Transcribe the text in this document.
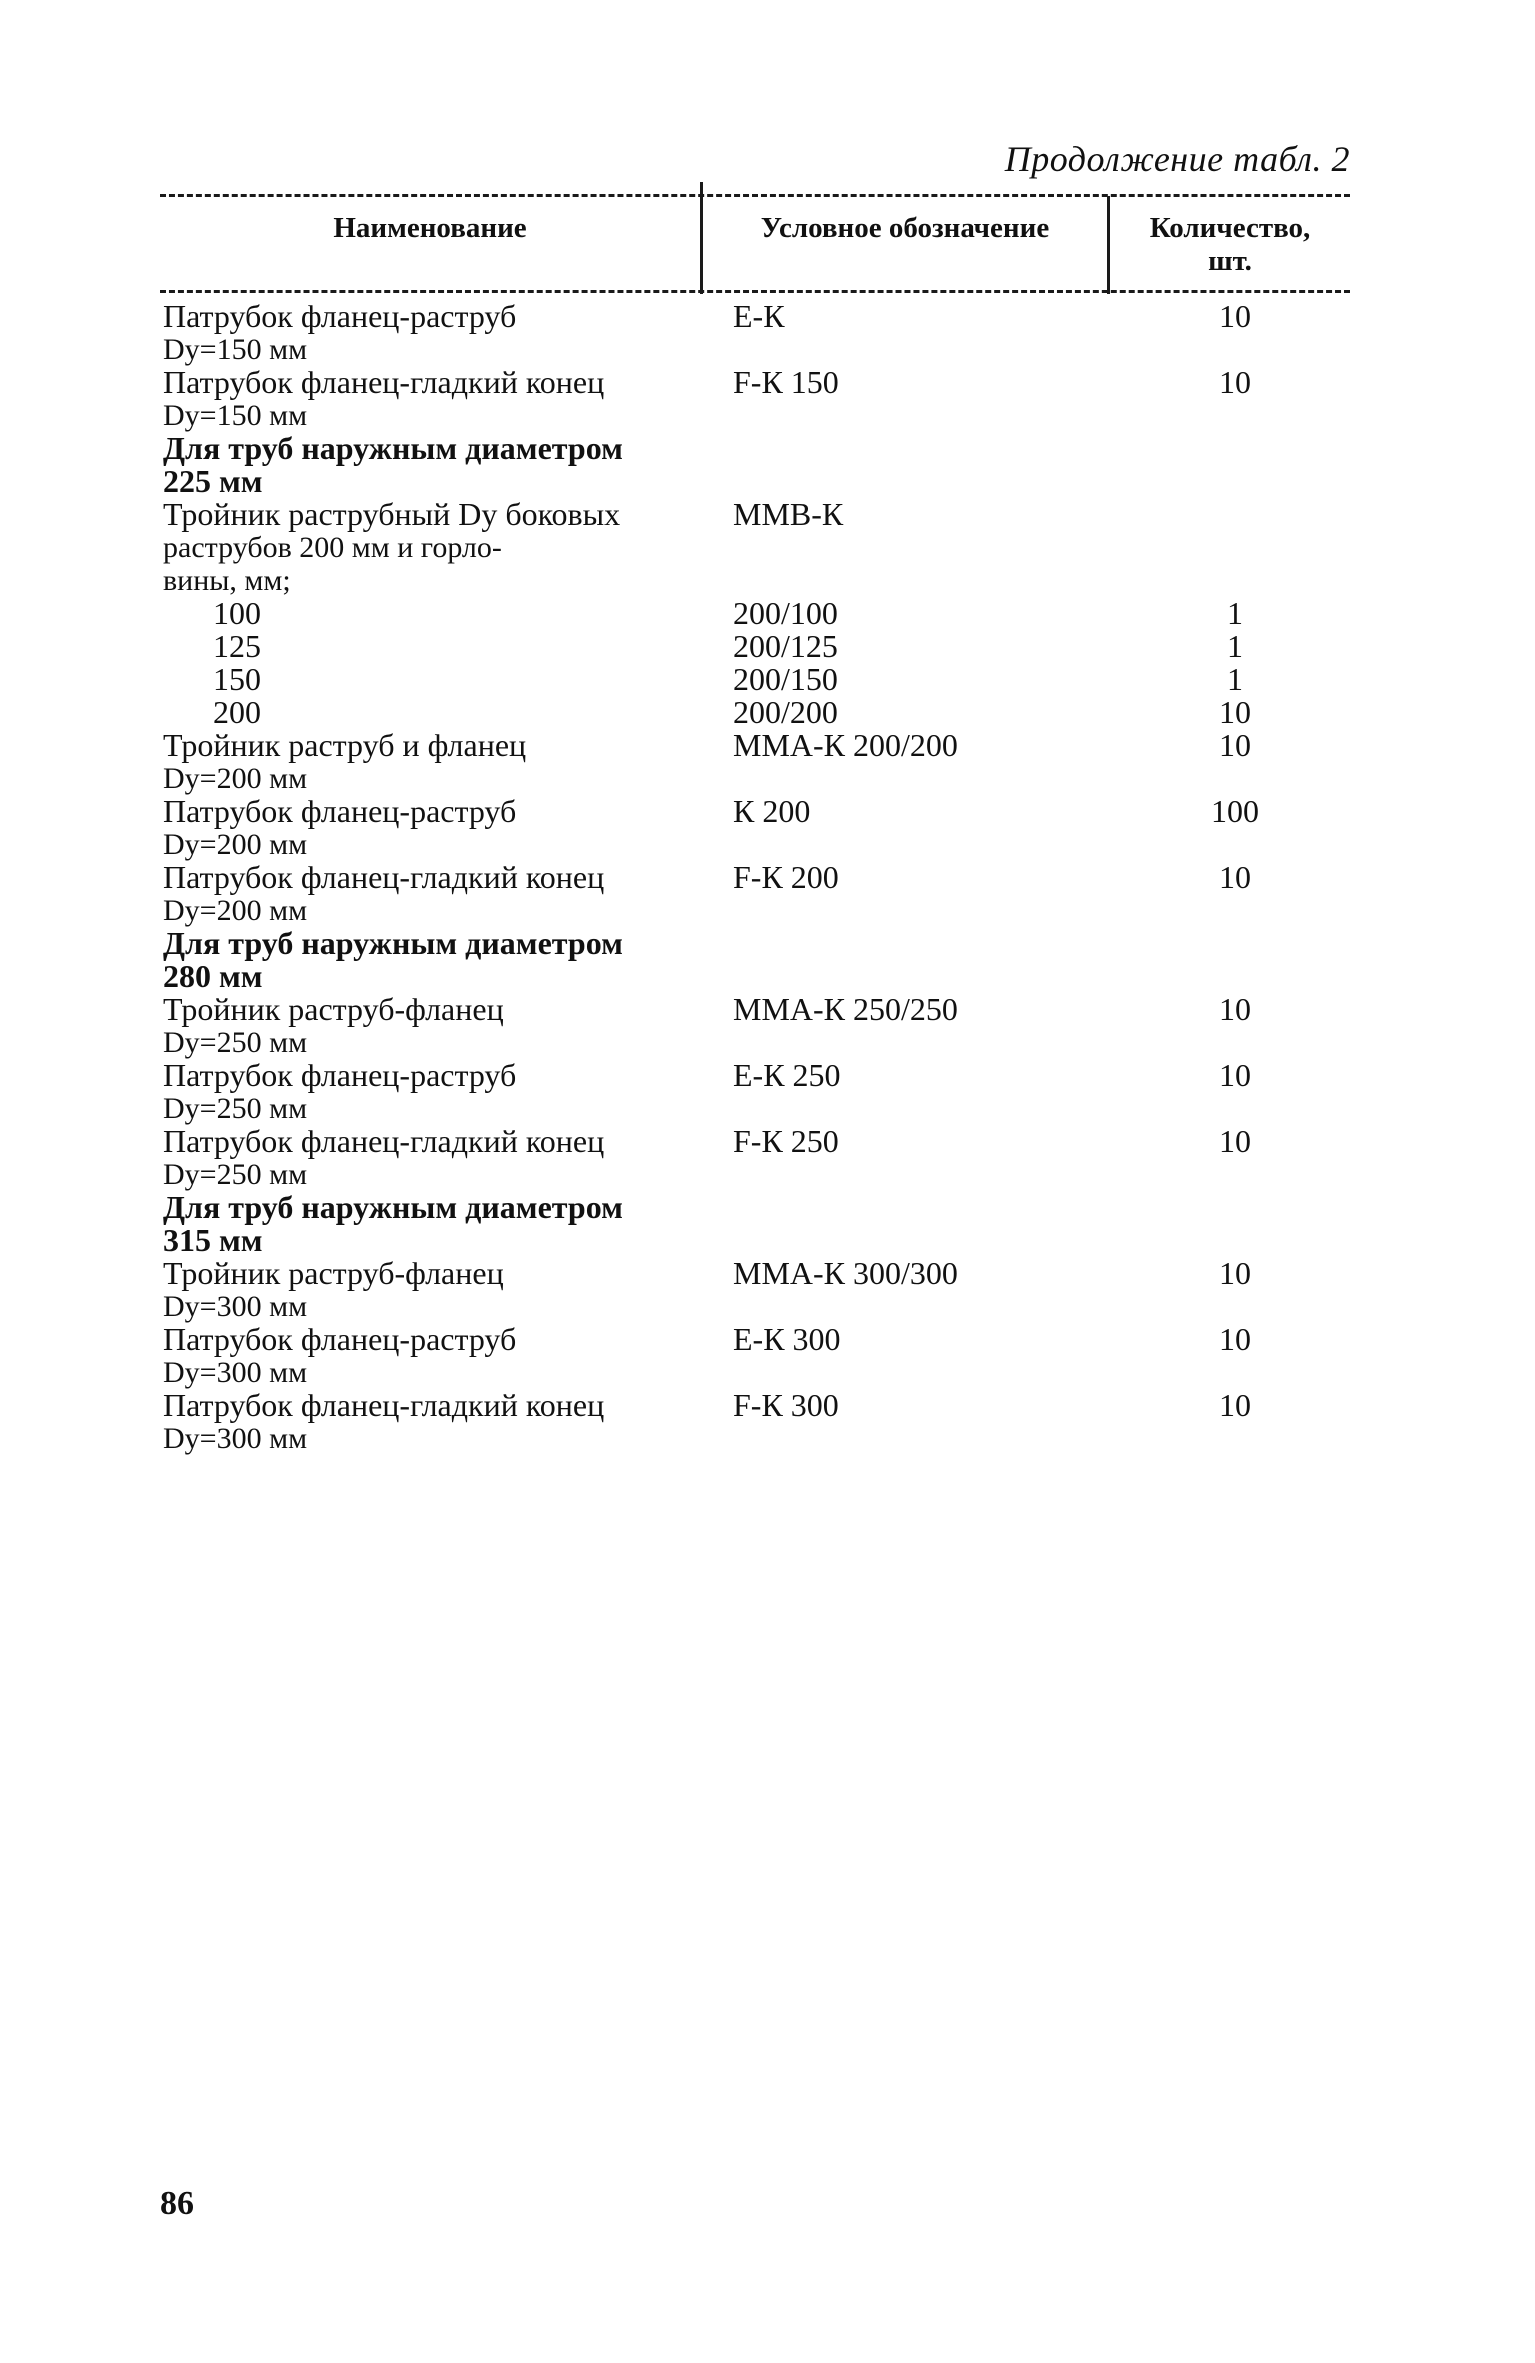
Продолжение табл. 2
Наименование	Условное обозначение	Количество,
шт.
Патрубок фланец-раструб
Dy=150 мм
Е-К	10
Патрубок фланец-гладкий конец
Dy=150 мм
F-К 150	10
Для труб наружным диаметром
225 мм
Тройник раструбный Dy боковых
раструбов 200 мм и горло-
вины, мм;
ММВ-К
100	200/100	1
125	200/125	1
150	200/150	1
200	200/200	10
Тройник раструб и фланец
Dy=200 мм
ММА-К 200/200	10
Патрубок фланец-раструб
Dy=200 мм
К 200	100
Патрубок фланец-гладкий конец
Dy=200 мм
F-К 200	10
Для труб наружным диаметром
280 мм
Тройник раструб-фланец
Dy=250 мм
ММА-К 250/250	10
Патрубок фланец-раструб
Dy=250 мм
Е-К 250	10
Патрубок фланец-гладкий конец
Dy=250 мм
F-К 250	10
Для труб наружным диаметром
315 мм
Тройник раструб-фланец
Dy=300 мм
ММА-К 300/300	10
Патрубок фланец-раструб
Dy=300 мм
Е-К 300	10
Патрубок фланец-гладкий конец
Dy=300 мм
F-К 300	10
86
